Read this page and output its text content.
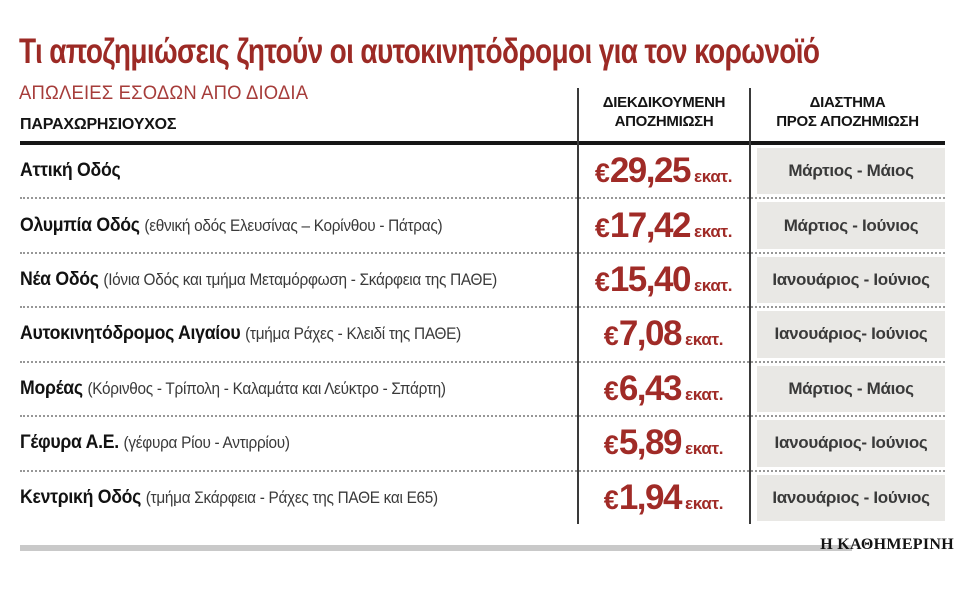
Τι αποζημιώσεις ζητούν οι αυτοκινητόδρομοι για τον κορωνοϊό
ΑΠΩΛΕΙΕΣ ΕΣΟΔΩΝ ΑΠΟ ΔΙΟΔΙΑ
ΠΑΡΑΧΩΡΗΣΙΟΥΧΟΣ
ΔΙΕΚΔΙΚΟΥΜΕΝΗ
ΑΠΟΖΗΜΙΩΣΗ
ΔΙΑΣΤΗΜΑ
ΠΡΟΣ ΑΠΟΖΗΜΙΩΣΗ
Αττική Οδός	€ 29,25 εκατ.	Μάρτιος - Μάιος
Ολυμπία Οδός (εθνική οδός Ελευσίνας – Κορίνθου - Πάτρας)	€ 17,42 εκατ.	Μάρτιος - Ιούνιος
Νέα Οδός (Ιόνια Οδός και τμήμα Μεταμόρφωση - Σκάρφεια της ΠΑΘΕ)	€ 15,40 εκατ.	Ιανουάριος - Ιούνιος
Αυτοκινητόδρομος Αιγαίου (τμήμα Ράχες - Κλειδί της ΠΑΘΕ)	€ 7,08 εκατ.	Ιανουάριος- Ιούνιος
Μορέας (Κόρινθος - Τρίπολη - Καλαμάτα και Λεύκτρο - Σπάρτη)	€ 6,43 εκατ.	Μάρτιος - Μάιος
Γέφυρα Α.Ε. (γέφυρα Ρίου - Αντιρρίου)	€ 5,89 εκατ.	Ιανουάριος- Ιούνιος
Κεντρική Οδός (τμήμα Σκάρφεια - Ράχες της ΠΑΘΕ και Ε65)	€ 1,94 εκατ.	Ιανουάριος - Ιούνιος
Η ΚΑΘΗΜΕΡΙΝΗ
